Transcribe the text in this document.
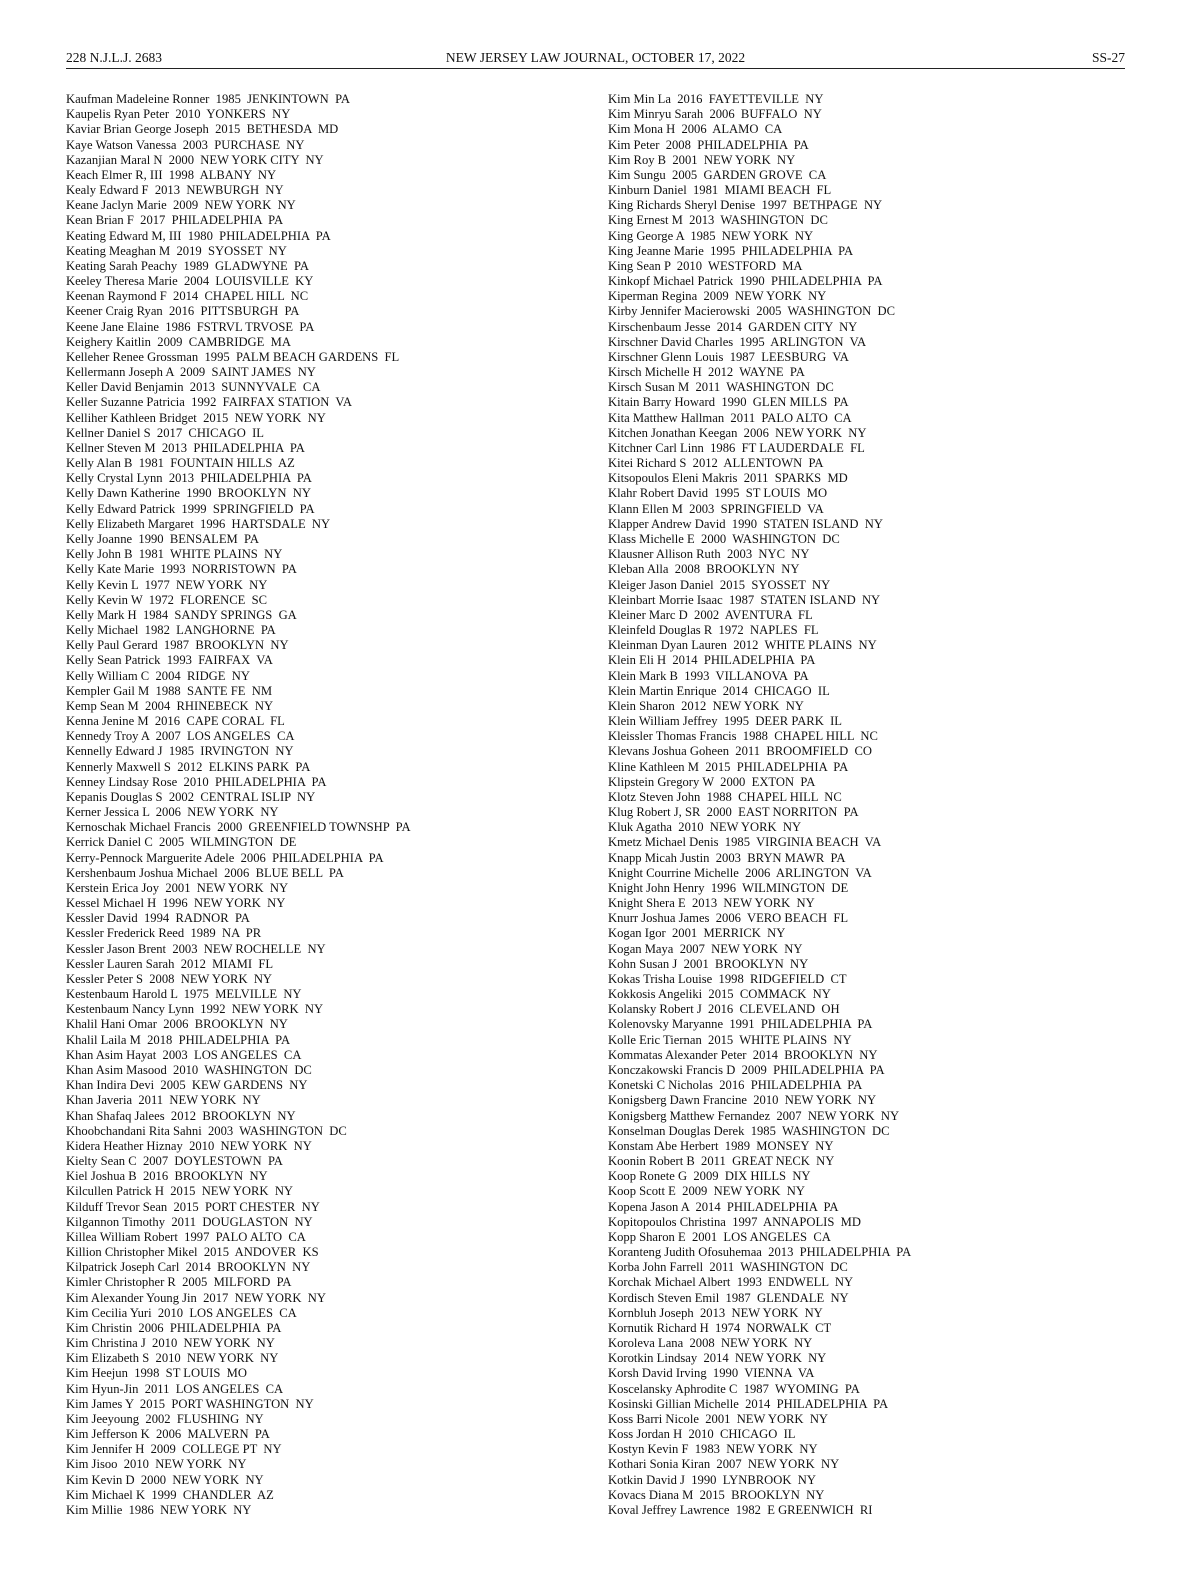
228 N.J.L.J. 2683	NEW JERSEY LAW JOURNAL, OCTOBER 17, 2022	SS-27
Kaufman Madeleine Ronner  1985  JENKINTOWN  PA
Kaupelis Ryan Peter  2010  YONKERS  NY
Kaviar Brian George Joseph  2015  BETHESDA  MD
Kaye Watson Vanessa  2003  PURCHASE  NY
Kazanjian Maral N  2000  NEW YORK CITY  NY
Keach Elmer R, III  1998  ALBANY  NY
Kealy Edward F  2013  NEWBURGH  NY
Keane Jaclyn Marie  2009  NEW YORK  NY
Kean Brian F  2017  PHILADELPHIA  PA
Keating Edward M, III  1980  PHILADELPHIA  PA
Keating Meaghan M  2019  SYOSSET  NY
Keating Sarah Peachy  1989  GLADWYNE  PA
Keeley Theresa Marie  2004  LOUISVILLE  KY
Keenan Raymond F  2014  CHAPEL HILL  NC
Keener Craig Ryan  2016  PITTSBURGH  PA
Keene Jane Elaine  1986  FSTRVL TRVOSE  PA
Keighery Kaitlin  2009  CAMBRIDGE  MA
Kelleher Renee Grossman  1995  PALM BEACH GARDENS  FL
Kellermann Joseph A  2009  SAINT JAMES  NY
Keller David Benjamin  2013  SUNNYVALE  CA
Keller Suzanne Patricia  1992  FAIRFAX STATION  VA
Kelliher Kathleen Bridget  2015  NEW YORK  NY
Kellner Daniel S  2017  CHICAGO  IL
Kellner Steven M  2013  PHILADELPHIA  PA
Kelly Alan B  1981  FOUNTAIN HILLS  AZ
Kelly Crystal Lynn  2013  PHILADELPHIA  PA
Kelly Dawn Katherine  1990  BROOKLYN  NY
Kelly Edward Patrick  1999  SPRINGFIELD  PA
Kelly Elizabeth Margaret  1996  HARTSDALE  NY
Kelly Joanne  1990  BENSALEM  PA
Kelly John B  1981  WHITE PLAINS  NY
Kelly Kate Marie  1993  NORRISTOWN  PA
Kelly Kevin L  1977  NEW YORK  NY
Kelly Kevin W  1972  FLORENCE  SC
Kelly Mark H  1984  SANDY SPRINGS  GA
Kelly Michael  1982  LANGHORNE  PA
Kelly Paul Gerard  1987  BROOKLYN  NY
Kelly Sean Patrick  1993  FAIRFAX  VA
Kelly William C  2004  RIDGE  NY
Kempler Gail M  1988  SANTE FE  NM
Kemp Sean M  2004  RHINEBECK  NY
Kenna Jenine M  2016  CAPE CORAL  FL
Kennedy Troy A  2007  LOS ANGELES  CA
Kennelly Edward J  1985  IRVINGTON  NY
Kennerly Maxwell S  2012  ELKINS PARK  PA
Kenney Lindsay Rose  2010  PHILADELPHIA  PA
Kepanis Douglas S  2002  CENTRAL ISLIP  NY
Kerner Jessica L  2006  NEW YORK  NY
Kernoschak Michael Francis  2000  GREENFIELD TOWNSHP  PA
Kerrick Daniel C  2005  WILMINGTON  DE
Kerry-Pennock Marguerite Adele  2006  PHILADELPHIA  PA
Kershenbaum Joshua Michael  2006  BLUE BELL  PA
Kerstein Erica Joy  2001  NEW YORK  NY
Kessel Michael H  1996  NEW YORK  NY
Kessler David  1994  RADNOR  PA
Kessler Frederick Reed  1989  NA  PR
Kessler Jason Brent  2003  NEW ROCHELLE  NY
Kessler Lauren Sarah  2012  MIAMI  FL
Kessler Peter S  2008  NEW YORK  NY
Kestenbaum Harold L  1975  MELVILLE  NY
Kestenbaum Nancy Lynn  1992  NEW YORK  NY
Khalil Hani Omar  2006  BROOKLYN  NY
Khalil Laila M  2018  PHILADELPHIA  PA
Khan Asim Hayat  2003  LOS ANGELES  CA
Khan Asim Masood  2010  WASHINGTON  DC
Khan Indira Devi  2005  KEW GARDENS  NY
Khan Javeria  2011  NEW YORK  NY
Khan Shafaq Jalees  2012  BROOKLYN  NY
Khoobchandani Rita Sahni  2003  WASHINGTON  DC
Kidera Heather Hiznay  2010  NEW YORK  NY
Kielty Sean C  2007  DOYLESTOWN  PA
Kiel Joshua B  2016  BROOKLYN  NY
Kilcullen Patrick H  2015  NEW YORK  NY
Kilduff Trevor Sean  2015  PORT CHESTER  NY
Kilgannon Timothy  2011  DOUGLASTON  NY
Killea William Robert  1997  PALO ALTO  CA
Killion Christopher Mikel  2015  ANDOVER  KS
Kilpatrick Joseph Carl  2014  BROOKLYN  NY
Kimler Christopher R  2005  MILFORD  PA
Kim Alexander Young Jin  2017  NEW YORK  NY
Kim Cecilia Yuri  2010  LOS ANGELES  CA
Kim Christin  2006  PHILADELPHIA  PA
Kim Christina J  2010  NEW YORK  NY
Kim Elizabeth S  2010  NEW YORK  NY
Kim Heejun  1998  ST LOUIS  MO
Kim Hyun-Jin  2011  LOS ANGELES  CA
Kim James Y  2015  PORT WASHINGTON  NY
Kim Jeeyoung  2002  FLUSHING  NY
Kim Jefferson K  2006  MALVERN  PA
Kim Jennifer H  2009  COLLEGE PT  NY
Kim Jisoo  2010  NEW YORK  NY
Kim Kevin D  2000  NEW YORK  NY
Kim Michael K  1999  CHANDLER  AZ
Kim Millie  1986  NEW YORK  NY
Kim Min La  2016  FAYETTEVILLE  NY
Kim Minryu Sarah  2006  BUFFALO  NY
Kim Mona H  2006  ALAMO  CA
Kim Peter  2008  PHILADELPHIA  PA
Kim Roy B  2001  NEW YORK  NY
Kim Sungu  2005  GARDEN GROVE  CA
Kinburn Daniel  1981  MIAMI BEACH  FL
King Richards Sheryl Denise  1997  BETHPAGE  NY
King Ernest M  2013  WASHINGTON  DC
King George A  1985  NEW YORK  NY
King Jeanne Marie  1995  PHILADELPHIA  PA
King Sean P  2010  WESTFORD  MA
Kinkopf Michael Patrick  1990  PHILADELPHIA  PA
Kiperman Regina  2009  NEW YORK  NY
Kirby Jennifer Macierowski  2005  WASHINGTON  DC
Kirschenbaum Jesse  2014  GARDEN CITY  NY
Kirschner David Charles  1995  ARLINGTON  VA
Kirschner Glenn Louis  1987  LEESBURG  VA
Kirsch Michelle H  2012  WAYNE  PA
Kirsch Susan M  2011  WASHINGTON  DC
Kitain Barry Howard  1990  GLEN MILLS  PA
Kita Matthew Hallman  2011  PALO ALTO  CA
Kitchen Jonathan Keegan  2006  NEW YORK  NY
Kitchner Carl Linn  1986  FT LAUDERDALE  FL
Kitei Richard S  2012  ALLENTOWN  PA
Kitsopoulos Eleni Makris  2011  SPARKS  MD
Klahr Robert David  1995  ST LOUIS  MO
Klann Ellen M  2003  SPRINGFIELD  VA
Klapper Andrew David  1990  STATEN ISLAND  NY
Klass Michelle E  2000  WASHINGTON  DC
Klausner Allison Ruth  2003  NYC  NY
Kleban Alla  2008  BROOKLYN  NY
Kleiger Jason Daniel  2015  SYOSSET  NY
Kleinbart Morrie Isaac  1987  STATEN ISLAND  NY
Kleiner Marc D  2002  AVENTURA  FL
Kleinfeld Douglas R  1972  NAPLES  FL
Kleinman Dyan Lauren  2012  WHITE PLAINS  NY
Klein Eli H  2014  PHILADELPHIA  PA
Klein Mark B  1993  VILLANOVA  PA
Klein Martin Enrique  2014  CHICAGO  IL
Klein Sharon  2012  NEW YORK  NY
Klein William Jeffrey  1995  DEER PARK  IL
Kleissler Thomas Francis  1988  CHAPEL HILL  NC
Klevans Joshua Goheen  2011  BROOMFIELD  CO
Kline Kathleen M  2015  PHILADELPHIA  PA
Klipstein Gregory W  2000  EXTON  PA
Klotz Steven John  1988  CHAPEL HILL  NC
Klug Robert J, SR  2000  EAST NORRITON  PA
Kluk Agatha  2010  NEW YORK  NY
Kmetz Michael Denis  1985  VIRGINIA BEACH  VA
Knapp Micah Justin  2003  BRYN MAWR  PA
Knight Courrine Michelle  2006  ARLINGTON  VA
Knight John Henry  1996  WILMINGTON  DE
Knight Shera E  2013  NEW YORK  NY
Knurr Joshua James  2006  VERO BEACH  FL
Kogan Igor  2001  MERRICK  NY
Kogan Maya  2007  NEW YORK  NY
Kohn Susan J  2001  BROOKLYN  NY
Kokas Trisha Louise  1998  RIDGEFIELD  CT
Kokkosis Angeliki  2015  COMMACK  NY
Kolansky Robert J  2016  CLEVELAND  OH
Kolenovsky Maryanne  1991  PHILADELPHIA  PA
Kolle Eric Tiernan  2015  WHITE PLAINS  NY
Kommatas Alexander Peter  2014  BROOKLYN  NY
Konczakowski Francis D  2009  PHILADELPHIA  PA
Konetski C Nicholas  2016  PHILADELPHIA  PA
Konigsberg Dawn Francine  2010  NEW YORK  NY
Konigsberg Matthew Fernandez  2007  NEW YORK  NY
Konselman Douglas Derek  1985  WASHINGTON  DC
Konstam Abe Herbert  1989  MONSEY  NY
Koonin Robert B  2011  GREAT NECK  NY
Koop Ronete G  2009  DIX HILLS  NY
Koop Scott E  2009  NEW YORK  NY
Kopena Jason A  2014  PHILADELPHIA  PA
Kopitopoulos Christina  1997  ANNAPOLIS  MD
Kopp Sharon E  2001  LOS ANGELES  CA
Koranteng Judith Ofosuhemaa  2013  PHILADELPHIA  PA
Korba John Farrell  2011  WASHINGTON  DC
Korchak Michael Albert  1993  ENDWELL  NY
Kordisch Steven Emil  1987  GLENDALE  NY
Kornbluh Joseph  2013  NEW YORK  NY
Kornutik Richard H  1974  NORWALK  CT
Koroleva Lana  2008  NEW YORK  NY
Korotkin Lindsay  2014  NEW YORK  NY
Korsh David Irving  1990  VIENNA  VA
Koscelansky Aphrodite C  1987  WYOMING  PA
Kosinski Gillian Michelle  2014  PHILADELPHIA  PA
Koss Barri Nicole  2001  NEW YORK  NY
Koss Jordan H  2010  CHICAGO  IL
Kostyn Kevin F  1983  NEW YORK  NY
Kothari Sonia Kiran  2007  NEW YORK  NY
Kotkin David J  1990  LYNBROOK  NY
Kovacs Diana M  2015  BROOKLYN  NY
Koval Jeffrey Lawrence  1982  E GREENWICH  RI
